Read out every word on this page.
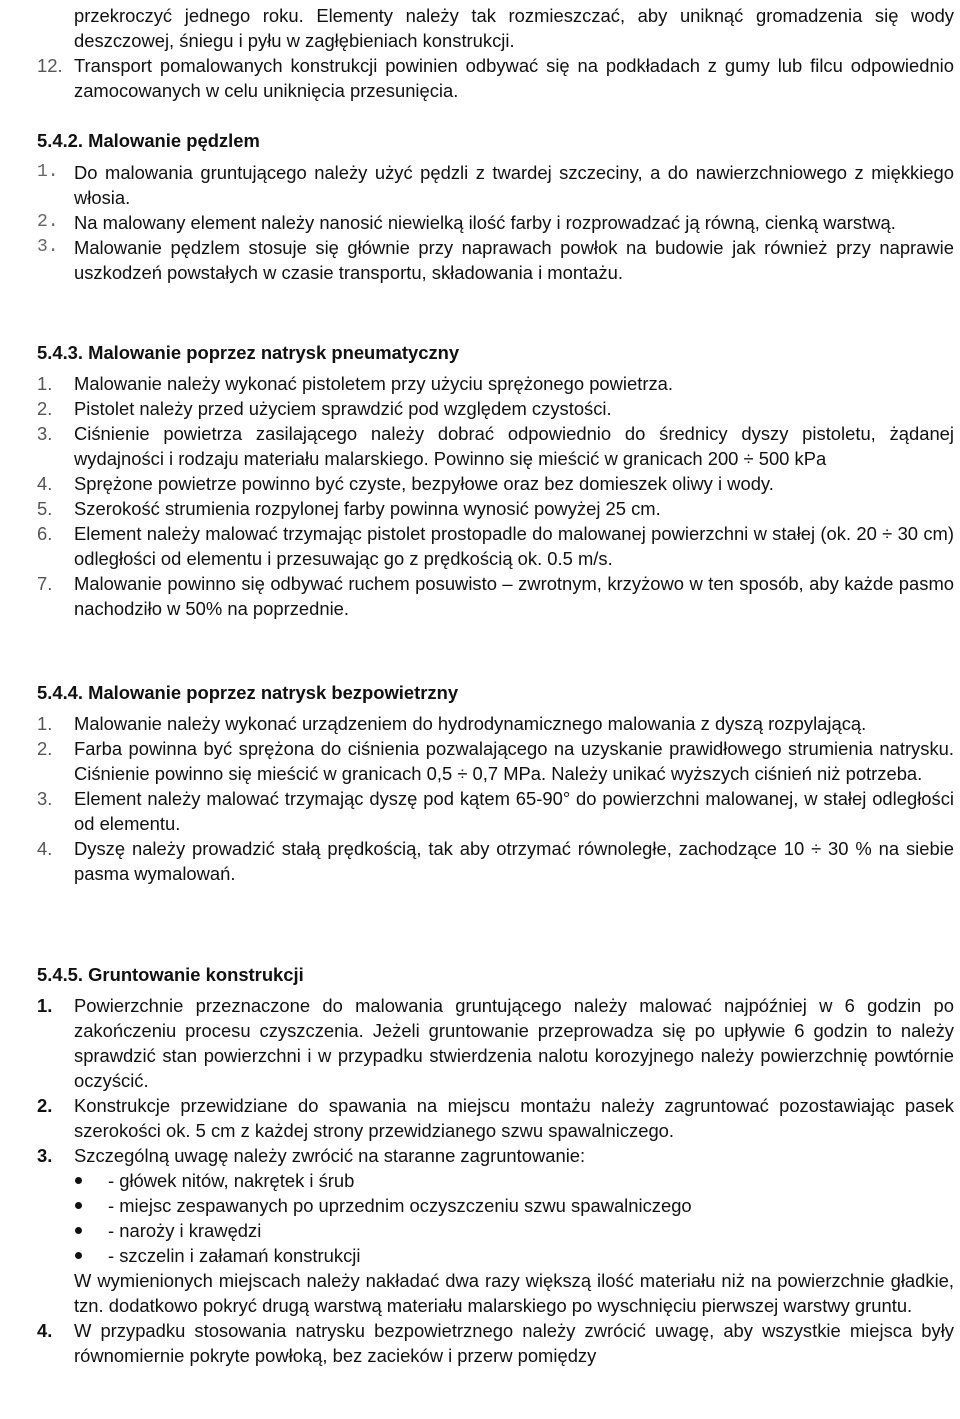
przekroczyć jednego roku. Elementy należy tak rozmieszczać, aby uniknąć gromadzenia się wody deszczowej, śniegu i pyłu w zagłębieniach konstrukcji.
12. Transport pomalowanych konstrukcji powinien odbywać się na podkładach z gumy lub filcu odpowiednio zamocowanych w celu uniknięcia przesunięcia.
5.4.2. Malowanie pędzlem
1. Do malowania gruntującego należy użyć pędzli z twardej szczeciny, a do nawierzchniowego z miękkiego włosia.
2. Na malowany element należy nanosić niewielką ilość farby i rozprowadzać ją równą, cienką warstwą.
3. Malowanie pędzlem stosuje się głównie przy naprawach powłok na budowie jak również przy naprawie uszkodzeń powstałych w czasie transportu, składowania i montażu.
5.4.3. Malowanie poprzez natrysk pneumatyczny
1. Malowanie należy wykonać pistoletem przy użyciu sprężonego powietrza.
2. Pistolet należy przed użyciem sprawdzić pod względem czystości.
3. Ciśnienie powietrza zasilającego należy dobrać odpowiednio do średnicy dyszy pistoletu, żądanej wydajności i rodzaju materiału malarskiego. Powinno się mieścić w granicach 200 ÷ 500 kPa
4. Sprężone powietrze powinno być czyste, bezpyłowe oraz bez domieszek oliwy i wody.
5. Szerokość strumienia rozpylonej farby powinna wynosić powyżej 25 cm.
6. Element należy malować trzymając pistolet prostopadle do malowanej powierzchni w stałej (ok. 20 ÷ 30 cm) odległości od elementu i przesuwając go z prędkością ok. 0.5 m/s.
7. Malowanie powinno się odbywać ruchem posuwisto – zwrotnym, krzyżowo w ten sposób, aby każde pasmo nachodziło w 50% na poprzednie.
5.4.4. Malowanie poprzez natrysk bezpowietrzny
1. Malowanie należy wykonać urządzeniem do hydrodynamicznego malowania z dyszą rozpylającą.
2. Farba powinna być sprężona do ciśnienia pozwalającego na uzyskanie prawidłowego strumienia natrysku. Ciśnienie powinno się mieścić w granicach 0,5 ÷ 0,7 MPa. Należy unikać wyższych ciśnień niż potrzeba.
3. Element należy malować trzymając dyszę pod kątem 65-90° do powierzchni malowanej, w stałej odległości od elementu.
4. Dyszę należy prowadzić stałą prędkością, tak aby otrzymać równoległe, zachodzące 10 ÷ 30 % na siebie pasma wymalowań.
5.4.5. Gruntowanie konstrukcji
1. Powierzchnie przeznaczone do malowania gruntującego należy malować najpóźniej w 6 godzin po zakończeniu procesu czyszczenia. Jeżeli gruntowanie przeprowadza się po upływie 6 godzin to należy sprawdzić stan powierzchni i w przypadku stwierdzenia nalotu korozyjnego należy powierzchnię powtórnie oczyścić.
2. Konstrukcje przewidziane do spawania na miejscu montażu należy zagruntować pozostawiając pasek szerokości ok. 5 cm z każdej strony przewidzianego szwu spawalniczego.
3. Szczególną uwagę należy zwrócić na staranne zagruntowanie:
- główek nitów, nakrętek i śrub
- miejsc zespawanych po uprzednim oczyszczeniu szwu spawalniczego
- naroży i krawędzi
- szczelin i załamań konstrukcji
W wymienionych miejscach należy nakładać dwa razy większą ilość materiału niż na powierzchnie gładkie, tzn. dodatkowo pokryć drugą warstwą materiału malarskiego po wyschnięciu pierwszej warstwy gruntu.
4. W przypadku stosowania natrysku bezpowietrznego należy zwrócić uwagę, aby wszystkie miejsca były równomiernie pokryte powłoką, bez zacieków i przerw pomiędzy
